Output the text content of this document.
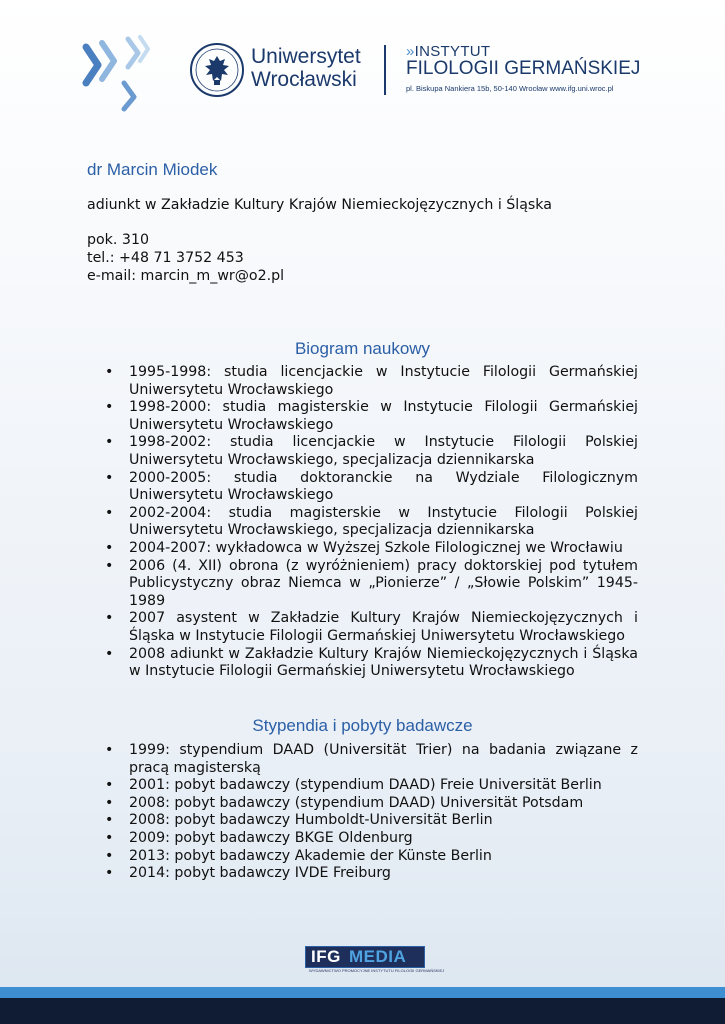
Uniwersytet
Wrocławski
»INSTYTUT
FILOLOGII GERMAŃSKIEJ
pl. Biskupa Nankiera 15b, 50-140 Wrocław www.ifg.uni.wroc.pl
dr Marcin Miodek
adiunkt w Zakładzie Kultury Krajów Niemieckojęzycznych i Śląska
pok. 310
tel.: +48 71 3752 453
e-mail: marcin_m_wr@o2.pl
Biogram naukowy
• 1995-1998: studia licencjackie w Instytucie Filologii Germańskiej Uniwersytetu Wrocławskiego
• 1998-2000: studia magisterskie w Instytucie Filologii Germańskiej Uniwersytetu Wrocławskiego
• 1998-2002: studia licencjackie w Instytucie Filologii Polskiej Uniwersytetu Wrocławskiego, specjalizacja dziennikarska
• 2000-2005: studia doktoranckie na Wydziale Filologicznym Uniwersytetu Wrocławskiego
• 2002-2004: studia magisterskie w Instytucie Filologii Polskiej Uniwersytetu Wrocławskiego, specjalizacja dziennikarska
• 2004-2007: wykładowca w Wyższej Szkole Filologicznej we Wrocławiu
• 2006 (4. XII) obrona (z wyróżnieniem) pracy doktorskiej pod tytułem Publicystyczny obraz Niemca w „Pionierze” / „Słowie Polskim” 1945-1989
• 2007 asystent w Zakładzie Kultury Krajów Niemieckojęzycznych i Śląska w Instytucie Filologii Germańskiej Uniwersytetu Wrocławskiego
• 2008 adiunkt w Zakładzie Kultury Krajów Niemieckojęzycznych i Śląska w Instytucie Filologii Germańskiej Uniwersytetu Wrocławskiego
Stypendia i pobyty badawcze
• 1999: stypendium DAAD (Universität Trier) na badania związane z pracą magisterską
• 2001: pobyt badawczy (stypendium DAAD) Freie Universität Berlin
• 2008: pobyt badawczy (stypendium DAAD) Universität Potsdam
• 2008: pobyt badawczy Humboldt-Universität Berlin
• 2009: pobyt badawczy BKGE Oldenburg
• 2013: pobyt badawczy Akademie der Künste Berlin
• 2014: pobyt badawczy IVDE Freiburg
IFG MEDIA
WYDAWNICTWO PROMOCYJNE INSTYTUTU FILOLOGII GERMAŃSKIEJ
